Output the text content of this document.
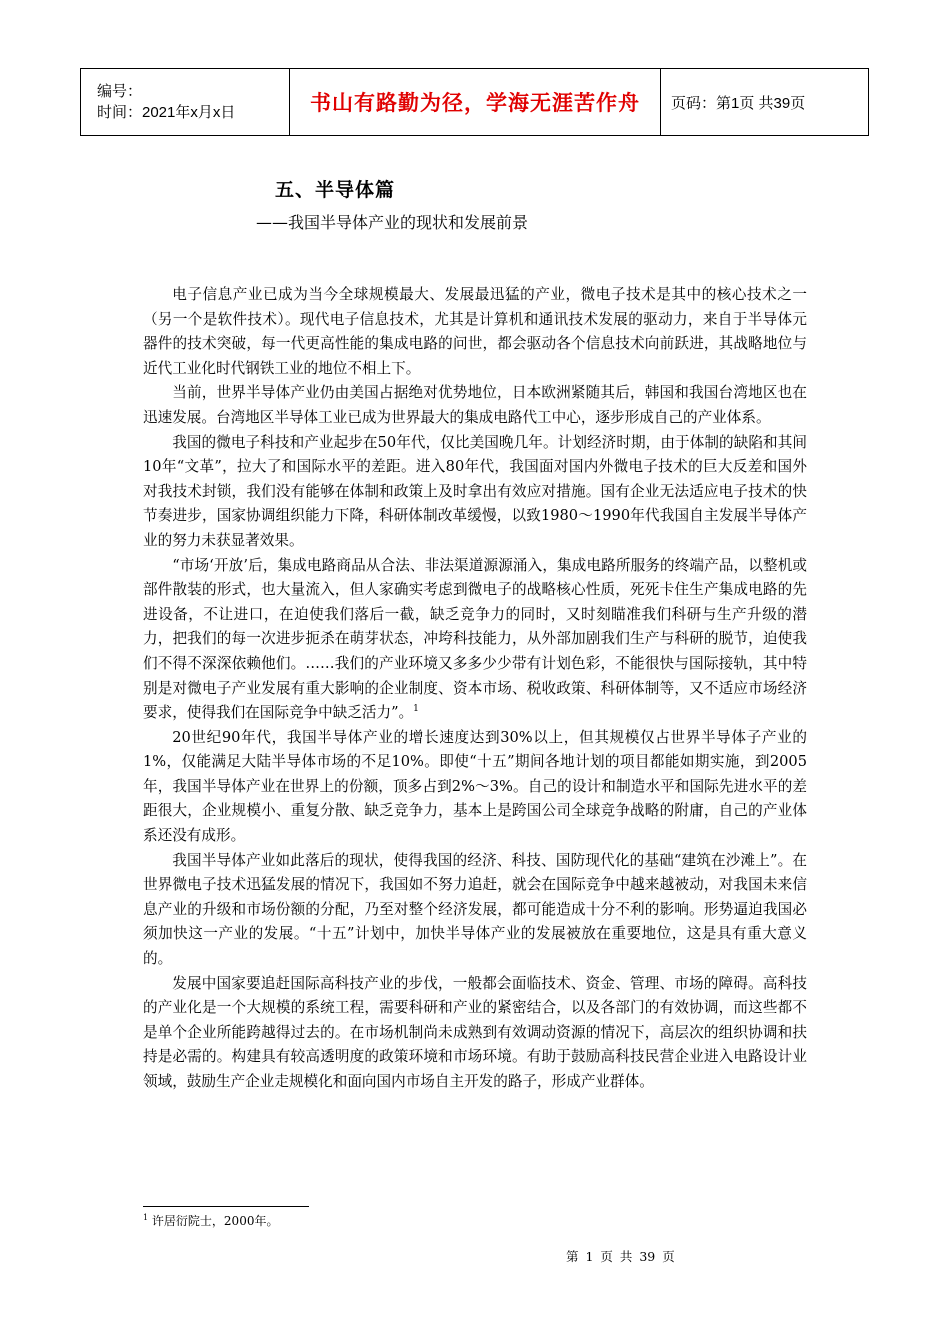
编号：
时间：2021年x月x日	书山有路勤为径，学海无涯苦作舟	页码：第1页 共39页
五、半导体篇
——我国半导体产业的现状和发展前景

电子信息产业已成为当今全球规模最大、发展最迅猛的产业，微电子技术是其中的核心技术之一（另一个是软件技术）。现代电子信息技术，尤其是计算机和通讯技术发展的驱动力，来自于半导体元器件的技术突破，每一代更高性能的集成电路的问世，都会驱动各个信息技术向前跃进，其战略地位与近代工业化时代钢铁工业的地位不相上下。

当前，世界半导体产业仍由美国占据绝对优势地位，日本欧洲紧随其后，韩国和我国台湾地区也在迅速发展。台湾地区半导体工业已成为世界最大的集成电路代工中心，逐步形成自己的产业体系。

我国的微电子科技和产业起步在50年代，仅比美国晚几年。计划经济时期，由于体制的缺陷和其间10年“文革”，拉大了和国际水平的差距。进入80年代，我国面对国内外微电子技术的巨大反差和国外对我技术封锁，我们没有能够在体制和政策上及时拿出有效应对措施。国有企业无法适应电子技术的快节奏进步，国家协调组织能力下降，科研体制改革缓慢，以致1980～1990年代我国自主发展半导体产业的努力未获显著效果。

“市场‘开放’后，集成电路商品从合法、非法渠道源源涌入，集成电路所服务的终端产品，以整机或部件散装的形式，也大量流入，但人家确实考虑到微电子的战略核心性质，死死卡住生产集成电路的先进设备，不让进口，在迫使我们落后一截，缺乏竞争力的同时，又时刻瞄准我们科研与生产升级的潜力，把我们的每一次进步扼杀在萌芽状态，冲垮科技能力，从外部加剧我们生产与科研的脱节，迫使我们不得不深深依赖他们。……我们的产业环境又多多少少带有计划色彩，不能很快与国际接轨，其中特别是对微电子产业发展有重大影响的企业制度、资本市场、税收政策、科研体制等，又不适应市场经济要求，使得我们在国际竞争中缺乏活力”。$^1$

20世纪90年代，我国半导体产业的增长速度达到30%以上，但其规模仅占世界半导体子产业的1%，仅能满足大陆半导体市场的不足10%。即使“十五”期间各地计划的项目都能如期实施，到2005年，我国半导体产业在世界上的份额，顶多占到2%～3%。自己的设计和制造水平和国际先进水平的差距很大，企业规模小、重复分散、缺乏竞争力，基本上是跨国公司全球竞争战略的附庸，自己的产业体系还没有成形。

我国半导体产业如此落后的现状，使得我国的经济、科技、国防现代化的基础“建筑在沙滩上”。在世界微电子技术迅猛发展的情况下，我国如不努力追赶，就会在国际竞争中越来越被动，对我国未来信息产业的升级和市场份额的分配，乃至对整个经济发展，都可能造成十分不利的影响。形势逼迫我国必须加快这一产业的发展。“十五”计划中，加快半导体产业的发展被放在重要地位，这是具有重大意义的。

发展中国家要追赶国际高科技产业的步伐，一般都会面临技术、资金、管理、市场的障碍。高科技的产业化是一个大规模的系统工程，需要科研和产业的紧密结合，以及各部门的有效协调，而这些都不是单个企业所能跨越得过去的。在市场机制尚未成熟到有效调动资源的情况下，高层次的组织协调和扶持是必需的。构建具有较高透明度的政策环境和市场环境。有助于鼓励高科技民营企业进入电路设计业领域，鼓励生产企业走规模化和面向国内市场自主开发的路子，形成产业群体。

$^1$ 许居衍院士，2000年。
第 1 页 共 39 页
